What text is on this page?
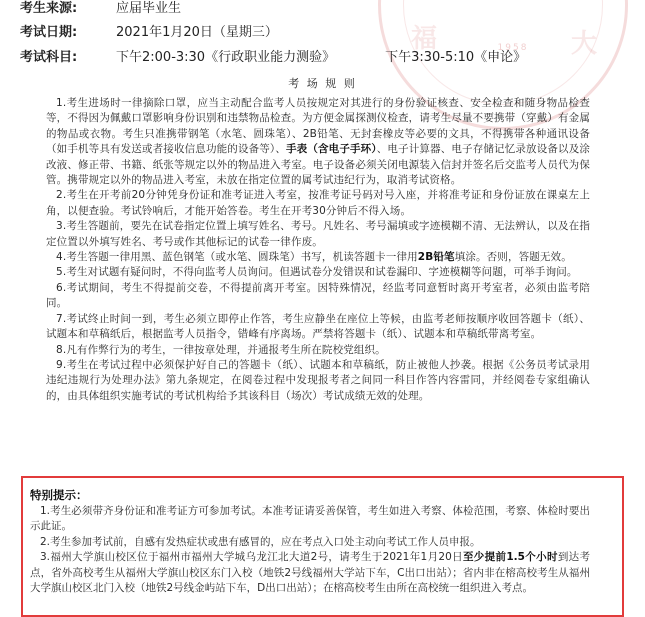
福	大
1958
考生来源:	应届毕业生
考试日期:	2021年1月20日（星期三）
考试科目:	下午2:00-3:30《行政职业能力测验》	下午3:30-5:10《申论》
考 场 规 则

1.考生进场时一律摘除口罩，应当主动配合监考人员按规定对其进行的身份验证核查、安全检查和随身物品检查等，不得因为佩戴口罩影响身份识别和违禁物品检查。为方便金属探测仪检查，请考生尽量不要携带（穿戴）有金属的物品或衣物。考生只准携带钢笔（水笔、圆珠笔）、2B铅笔、无封套橡皮等必要的文具，不得携带各种通讯设备（如手机等具有发送或者接收信息功能的设备等）、手表（含电子手环）、电子计算器、电子存储记忆录放设备以及涂改液、修正带、书籍、纸张等规定以外的物品进入考室。电子设备必须关闭电源装入信封并签名后交监考人员代为保管。携带规定以外的物品进入考室，未放在指定位置的属考试违纪行为，取消考试资格。

2.考生在开考前20分钟凭身份证和准考证进入考室，按准考证号码对号入座，并将准考证和身份证放在课桌左上角，以便查验。考试铃响后，才能开始答卷。考生在开考30分钟后不得入场。

3.考生答题前，要先在试卷指定位置上填写姓名、考号。凡姓名、考号漏填或字迹模糊不清、无法辨认，以及在指定位置以外填写姓名、考号或作其他标记的试卷一律作废。

4.考生答题一律用黑、蓝色钢笔（或水笔、圆珠笔）书写，机读答题卡一律用2B铅笔填涂。否则，答题无效。

5.考生对试题有疑问时，不得向监考人员询问。但遇试卷分发错误和试卷漏印、字迹模糊等问题，可举手询问。

6.考试期间，考生不得提前交卷，不得提前离开考室。因特殊情况，经监考同意暂时离开考室者，必须由监考陪同。

7.考试终止时间一到，考生必须立即停止作答，考生应静坐在座位上等候，由监考老师按顺序收回答题卡（纸）、试题本和草稿纸后，根据监考人员指令，错峰有序离场。严禁将答题卡（纸）、试题本和草稿纸带离考室。

8.凡有作弊行为的考生，一律按章处理，并通报考生所在院校党组织。

9.考生在考试过程中必须保护好自己的答题卡（纸）、试题本和草稿纸，防止被他人抄袭。根据《公务员考试录用违纪违规行为处理办法》第九条规定，在阅卷过程中发现报考者之间同一科目作答内容雷同，并经阅卷专家组确认的，由具体组织实施考试的考试机构给予其该科目（场次）考试成绩无效的处理。

特别提示：

1.考生必须带齐身份证和准考证方可参加考试。本准考证请妥善保管，考生如进入考察、体检范围，考察、体检时要出示此证。

2.考生参加考试前，自感有发热症状或患有感冒的，应在考点入口处主动向考试工作人员申报。

3.福州大学旗山校区位于福州市福州大学城乌龙江北大道2号，请考生于2021年1月20日至少提前1.5个小时到达考点，省外高校考生从福州大学旗山校区东门入校（地铁2号线福州大学站下车，C出口出站）；省内非在榕高校考生从福州大学旗山校区北门入校（地铁2号线金屿站下车，D出口出站）；在榕高校考生由所在高校统一组织进入考点。
